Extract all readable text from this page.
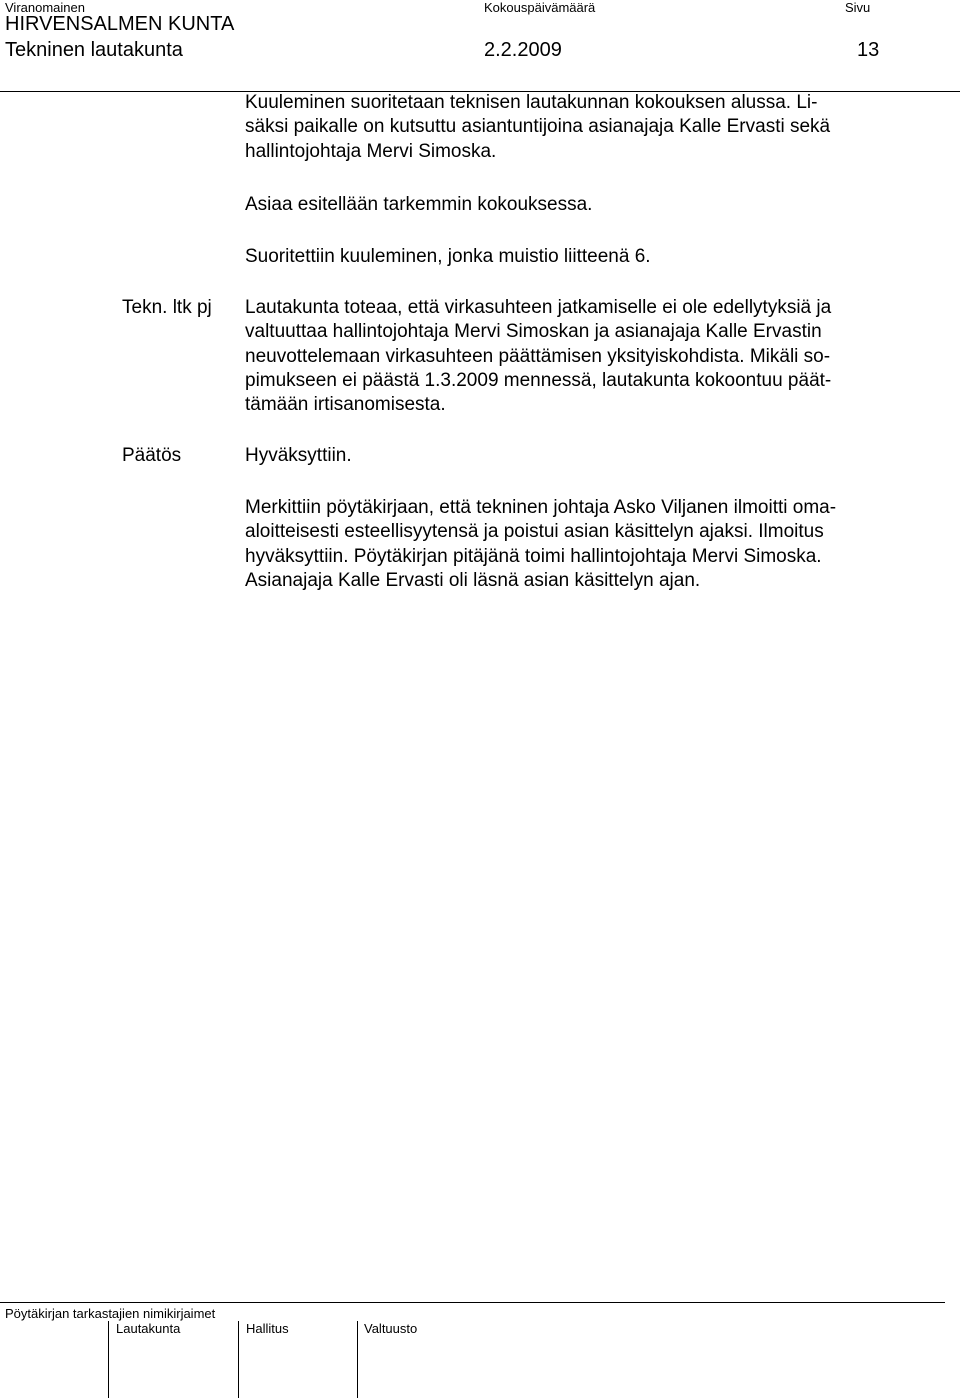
Viranomainen	Kokouspäivämäärä	Sivu
HIRVENSALMEN KUNTA
Tekninen lautakunta	2.2.2009	13
Kuuleminen suoritetaan teknisen lautakunnan kokouksen alussa. Li-
säksi paikalle on kutsuttu asiantuntijoina asianajaja Kalle Ervasti sekä
hallintojohtaja Mervi Simoska.
Asiaa esitellään tarkemmin kokouksessa.
Suoritettiin kuuleminen, jonka muistio liitteenä 6.
Tekn. ltk pj Lautakunta toteaa, että virkasuhteen jatkamiselle ei ole edellytyksiä ja
valtuuttaa hallintojohtaja Mervi Simoskan ja asianajaja Kalle Ervastin
neuvottelemaan virkasuhteen päättämisen yksityiskohdista. Mikäli so-
pimukseen ei päästä 1.3.2009 mennessä, lautakunta kokoontuu päät-
tämään irtisanomisesta.
Päätös	Hyväksyttiin.
Merkittiin pöytäkirjaan, että tekninen johtaja Asko Viljanen ilmoitti oma-
aloitteisesti esteellisyytensä ja poistui asian käsittelyn ajaksi. Ilmoitus
hyväksyttiin. Pöytäkirjan pitäjänä toimi hallintojohtaja Mervi Simoska.
Asianajaja Kalle Ervasti oli läsnä asian käsittelyn ajan.
Pöytäkirjan tarkastajien nimikirjaimet
Lautakunta	Hallitus	Valtuusto
